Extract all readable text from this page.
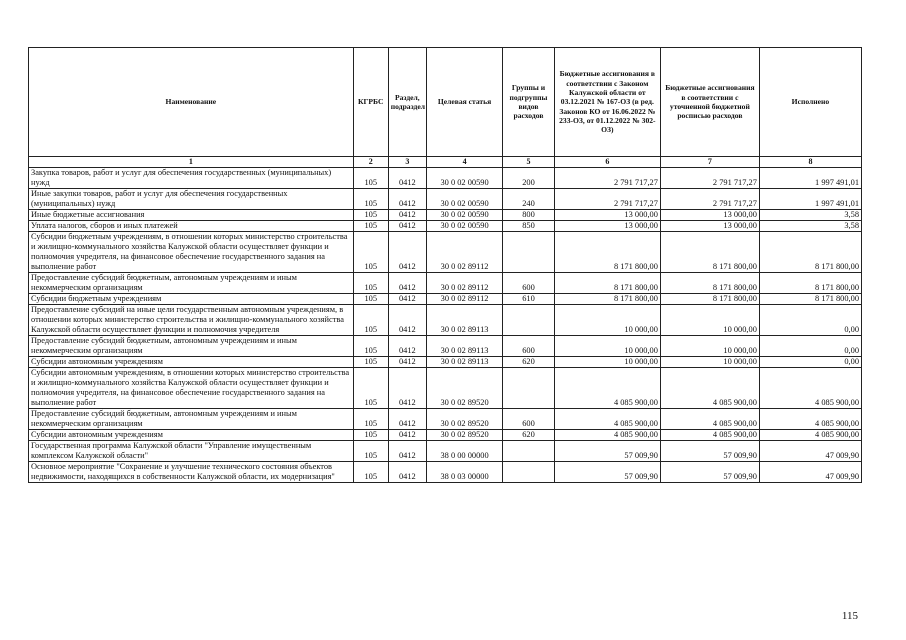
Наименование	КГРБС	Раздел, подраздел	Целевая статья	Группы и подгруппы видов расходов	Бюджетные ассигнования в соответствии с Законом Калужской области от 03.12.2021 № 167-ОЗ (в ред. Законов КО от 16.06.2022 № 233-ОЗ, от 01.12.2022 № 302-ОЗ)	Бюджетные ассигнования в соответствии с уточненной бюджетной росписью расходов	Исполнено
1	2	3	4	5	6	7	8
Закупка товаров, работ и услуг для обеспечения государственных (муниципальных) нужд	105	0412	30 0 02 00590	200	2 791 717,27	2 791 717,27	1 997 491,01
Иные закупки товаров, работ и услуг для обеспечения государственных (муниципальных) нужд	105	0412	30 0 02 00590	240	2 791 717,27	2 791 717,27	1 997 491,01
Иные бюджетные ассигнования	105	0412	30 0 02 00590	800	13 000,00	13 000,00	3,58
Уплата налогов, сборов и иных платежей	105	0412	30 0 02 00590	850	13 000,00	13 000,00	3,58
Субсидии бюджетным учреждениям, в отношении которых министерство строительства и жилищно-коммунального хозяйства Калужской области осуществляет функции и полномочия учредителя, на финансовое обеспечение государственного задания на выполнение работ	105	0412	30 0 02 89112		8 171 800,00	8 171 800,00	8 171 800,00
Предоставление субсидий бюджетным, автономным учреждениям и иным некоммерческим организациям	105	0412	30 0 02 89112	600	8 171 800,00	8 171 800,00	8 171 800,00
Субсидии бюджетным учреждениям	105	0412	30 0 02 89112	610	8 171 800,00	8 171 800,00	8 171 800,00
Предоставление субсидий на иные цели государственным автономным учреждениям, в отношении которых министерство строительства и жилищно-коммунального хозяйства Калужской области осуществляет функции и полномочия учредителя	105	0412	30 0 02 89113		10 000,00	10 000,00	0,00
Предоставление субсидий бюджетным, автономным учреждениям и иным некоммерческим организациям	105	0412	30 0 02 89113	600	10 000,00	10 000,00	0,00
Субсидии автономным учреждениям	105	0412	30 0 02 89113	620	10 000,00	10 000,00	0,00
Субсидии автономным учреждениям, в отношении которых министерство строительства и жилищно-коммунального хозяйства Калужской области осуществляет функции и полномочия учредителя, на финансовое обеспечение государственного задания на выполнение работ	105	0412	30 0 02 89520		4 085 900,00	4 085 900,00	4 085 900,00
Предоставление субсидий бюджетным, автономным учреждениям и иным некоммерческим организациям	105	0412	30 0 02 89520	600	4 085 900,00	4 085 900,00	4 085 900,00
Субсидии автономным учреждениям	105	0412	30 0 02 89520	620	4 085 900,00	4 085 900,00	4 085 900,00
Государственная программа Калужской области "Управление имущественным комплексом Калужской области"	105	0412	38 0 00 00000		57 009,90	57 009,90	47 009,90
Основное мероприятие "Сохранение и улучшение технического состояния объектов недвижимости, находящихся в собственности Калужской области, их модернизация"	105	0412	38 0 03 00000		57 009,90	57 009,90	47 009,90
115
